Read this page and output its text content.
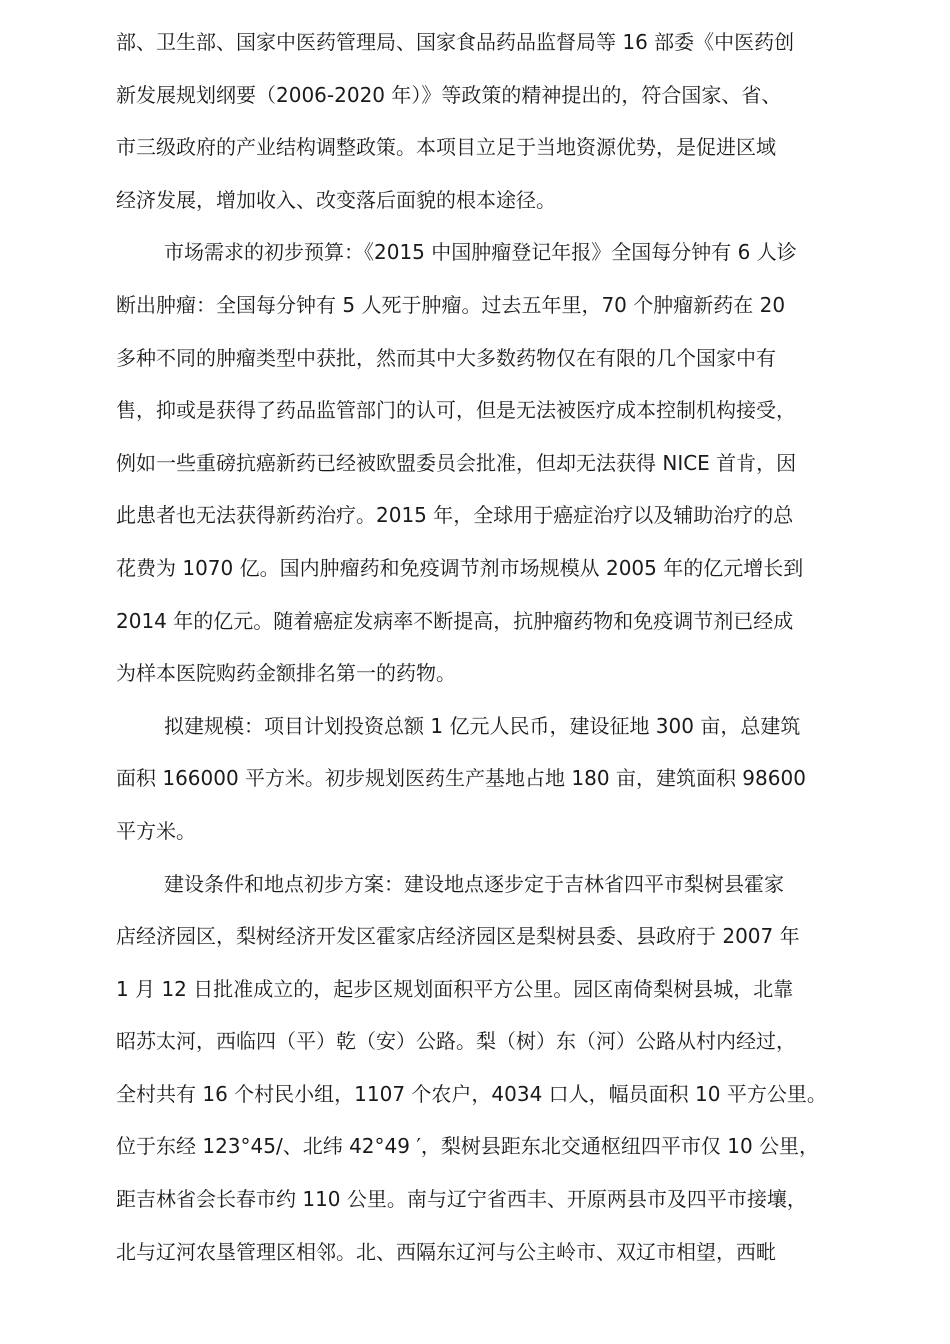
部、卫生部、国家中医药管理局、国家食品药品监督局等 16 部委《中医药创
新发展规划纲要（2006-2020 年）》等政策的精神提出的，符合国家、省、
市三级政府的产业结构调整政策。本项目立足于当地资源优势，是促进区域
经济发展，增加收入、改变落后面貌的根本途径。

市场需求的初步预算：《2015 中国肿瘤登记年报》全国每分钟有 6 人诊
断出肿瘤：全国每分钟有 5 人死于肿瘤。过去五年里，70 个肿瘤新药在 20
多种不同的肿瘤类型中获批，然而其中大多数药物仅在有限的几个国家中有
售，抑或是获得了药品监管部门的认可，但是无法被医疗成本控制机构接受，
例如一些重磅抗癌新药已经被欧盟委员会批准，但却无法获得 NICE 首肯，因
此患者也无法获得新药治疗。2015 年，全球用于癌症治疗以及辅助治疗的总
花费为 1070 亿。国内肿瘤药和免疫调节剂市场规模从 2005 年的亿元增长到
2014 年的亿元。随着癌症发病率不断提高，抗肿瘤药物和免疫调节剂已经成
为样本医院购药金额排名第一的药物。

拟建规模：项目计划投资总额 1 亿元人民币，建设征地 300 亩，总建筑
面积 166000 平方米。初步规划医药生产基地占地 180 亩，建筑面积 98600
平方米。

建设条件和地点初步方案：建设地点逐步定于吉林省四平市梨树县霍家
店经济园区，梨树经济开发区霍家店经济园区是梨树县委、县政府于 2007 年
1 月 12 日批准成立的，起步区规划面积平方公里。园区南倚梨树县城，北靠
昭苏太河，西临四（平）乾（安）公路。梨（树）东（河）公路从村内经过，
全村共有 16 个村民小组，1107 个农户，4034 口人，幅员面积 10 平方公里。
位于东经 123°45/、北纬 42°49 ′，梨树县距东北交通枢纽四平市仅 10 公里，
距吉林省会长春市约 110 公里。南与辽宁省西丰、开原两县市及四平市接壤，
北与辽河农垦管理区相邻。北、西隔东辽河与公主岭市、双辽市相望，西毗
